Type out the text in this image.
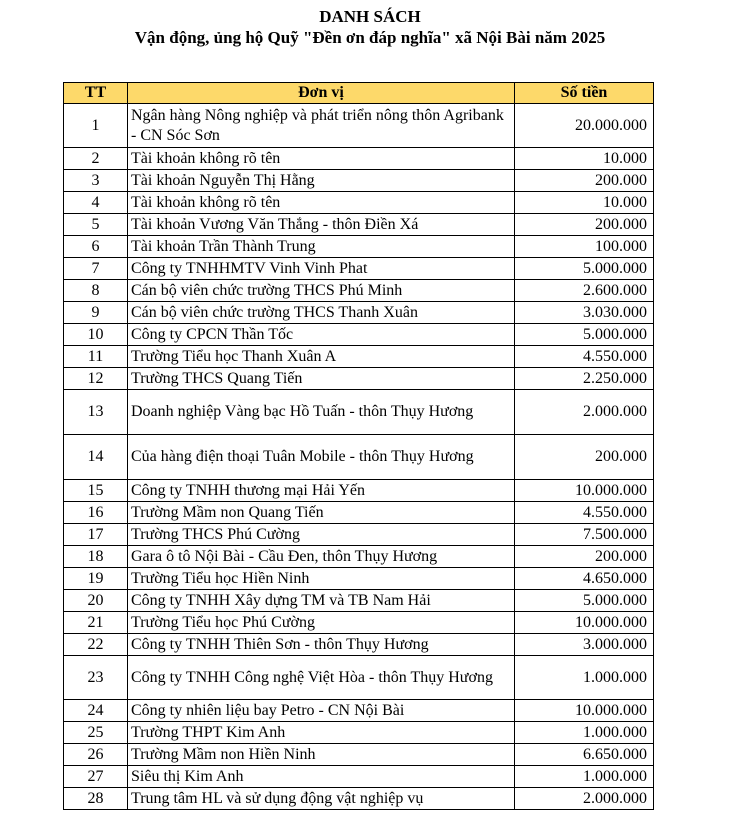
DANH SÁCH
Vận động, ủng hộ Quỹ "Đền ơn đáp nghĩa" xã Nội Bài năm 2025
TT	Đơn vị	Số tiền
1	Ngân hàng Nông nghiệp và phát triển nông thôn Agribank - CN Sóc Sơn	20.000.000
2	Tài khoản không rõ tên	10.000
3	Tài khoản Nguyễn Thị Hằng	200.000
4	Tài khoản không rõ tên	10.000
5	Tài khoản Vương Văn Thắng - thôn Điền Xá	200.000
6	Tài khoản Trần Thành Trung	100.000
7	Công ty TNHHMTV Vinh Vinh Phat	5.000.000
8	Cán bộ viên chức trường THCS Phú Minh	2.600.000
9	Cán bộ viên chức trường THCS Thanh Xuân	3.030.000
10	Công ty CPCN Thần Tốc	5.000.000
11	Trường Tiểu học Thanh Xuân A	4.550.000
12	Trường THCS Quang Tiến	2.250.000
13	Doanh nghiệp Vàng bạc Hồ Tuấn - thôn Thụy Hương	2.000.000
14	Của hàng điện thoại Tuân Mobile - thôn Thụy Hương	200.000
15	Công ty TNHH thương mại Hải Yến	10.000.000
16	Trường Mầm non Quang Tiến	4.550.000
17	Trường THCS Phú Cường	7.500.000
18	Gara ô tô Nội Bài - Cầu Đen, thôn Thụy Hương	200.000
19	Trường Tiểu học Hiền Ninh	4.650.000
20	Công ty TNHH Xây dựng TM và TB Nam Hải	5.000.000
21	Trường Tiểu học Phú Cường	10.000.000
22	Công ty TNHH Thiên Sơn - thôn Thụy Hương	3.000.000
23	Công ty TNHH Công nghệ Việt Hòa - thôn Thụy Hương	1.000.000
24	Công ty nhiên liệu bay Petro - CN Nội Bài	10.000.000
25	Trường THPT Kim Anh	1.000.000
26	Trường Mầm non Hiền Ninh	6.650.000
27	Siêu thị Kim Anh	1.000.000
28	Trung tâm HL và sử dụng động vật nghiệp vụ	2.000.000
